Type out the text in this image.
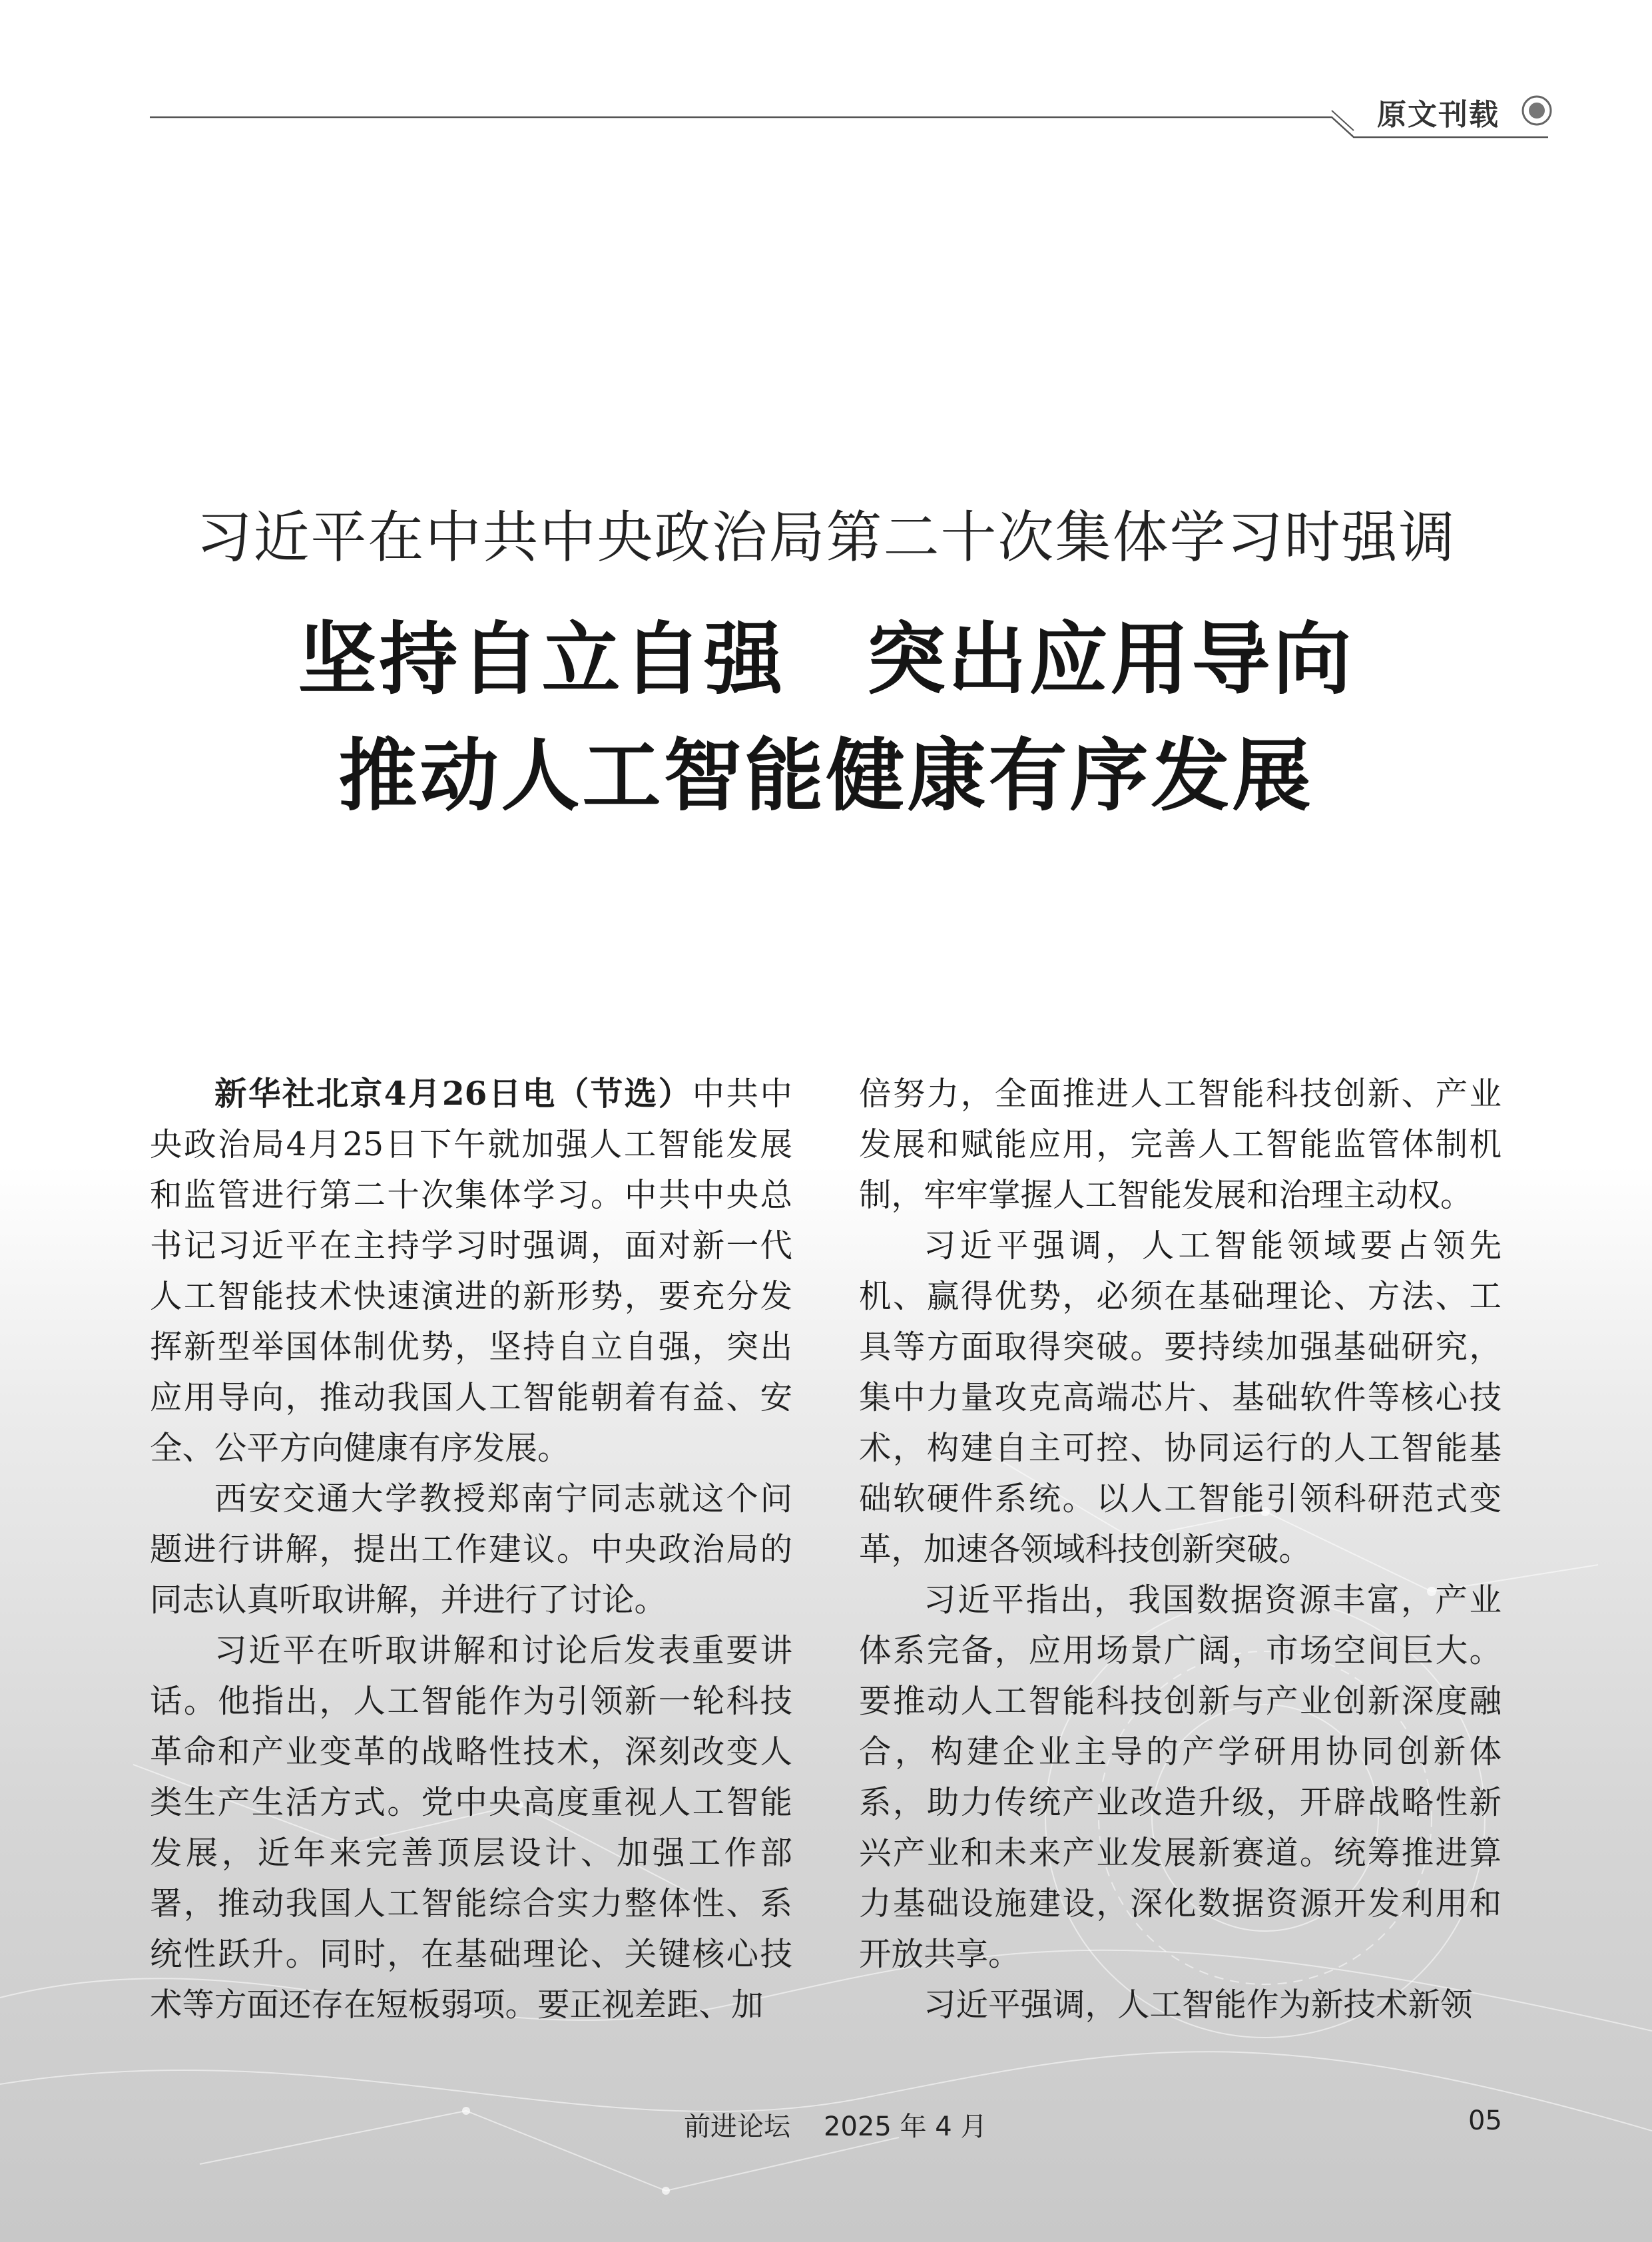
原文刊载
习近平在中共中央政治局第二十次集体学习时强调
坚持自立自强　突出应用导向
推动人工智能健康有序发展

新华社北京4月26日电（节选）中共中央政治局4月25日下午就加强人工智能发展和监管进行第二十次集体学习。中共中央总书记习近平在主持学习时强调，面对新一代人工智能技术快速演进的新形势，要充分发挥新型举国体制优势，坚持自立自强，突出应用导向，推动我国人工智能朝着有益、安全、公平方向健康有序发展。

西安交通大学教授郑南宁同志就这个问题进行讲解，提出工作建议。中央政治局的同志认真听取讲解，并进行了讨论。

习近平在听取讲解和讨论后发表重要讲话。他指出，人工智能作为引领新一轮科技革命和产业变革的战略性技术，深刻改变人类生产生活方式。党中央高度重视人工智能发展，近年来完善顶层设计、加强工作部署，推动我国人工智能综合实力整体性、系统性跃升。同时，在基础理论、关键核心技术等方面还存在短板弱项。要正视差距、加

倍努力，全面推进人工智能科技创新、产业发展和赋能应用，完善人工智能监管体制机制，牢牢掌握人工智能发展和治理主动权。

习近平强调，人工智能领域要占领先机、赢得优势，必须在基础理论、方法、工具等方面取得突破。要持续加强基础研究，集中力量攻克高端芯片、基础软件等核心技术，构建自主可控、协同运行的人工智能基础软硬件系统。以人工智能引领科研范式变革，加速各领域科技创新突破。

习近平指出，我国数据资源丰富，产业体系完备，应用场景广阔，市场空间巨大。要推动人工智能科技创新与产业创新深度融合，构建企业主导的产学研用协同创新体系，助力传统产业改造升级，开辟战略性新兴产业和未来产业发展新赛道。统筹推进算力基础设施建设，深化数据资源开发利用和开放共享。

习近平强调，人工智能作为新技术新领

前进论坛 2025 年 4 月	05
